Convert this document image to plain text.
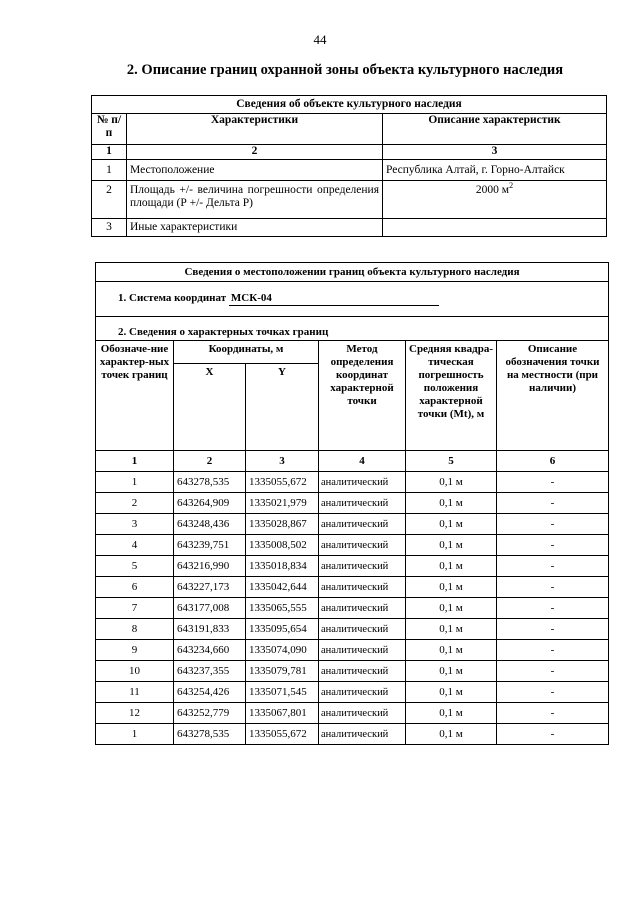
44
2. Описание границ охранной зоны объекта культурного наследия
Сведения об объекте культурного наследия		
№ п/п	Характеристики	Описание характеристик
1	2	3
1	Местоположение	Республика Алтай, г. Горно-Алтайск
2	Площадь +/- величина погрешности определения площади (Р +/- Дельта Р)	2000 $м^2$
3	Иные характеристики	
Сведения о местоположении границ объекта культурного наследия					
1. Система координат МСК-04					
2. Сведения о характерных точках границ					
Обозначе-ние характер-ных точек границ	Координаты, м		Метод определения координат характерной точки	Средняя квадра-тическая погрешность положения характерной точки (Мt), м	Описание обозначения точки на местности (при наличии)
	X	Y			
1	2	3	4	5	6
1	643278,535	1335055,672	аналитический	0,1 м	-
2	643264,909	1335021,979	аналитический	0,1 м	-
3	643248,436	1335028,867	аналитический	0,1 м	-
4	643239,751	1335008,502	аналитический	0,1 м	-
5	643216,990	1335018,834	аналитический	0,1 м	-
6	643227,173	1335042,644	аналитический	0,1 м	-
7	643177,008	1335065,555	аналитический	0,1 м	-
8	643191,833	1335095,654	аналитический	0,1 м	-
9	643234,660	1335074,090	аналитический	0,1 м	-
10	643237,355	1335079,781	аналитический	0,1 м	-
11	643254,426	1335071,545	аналитический	0,1 м	-
12	643252,779	1335067,801	аналитический	0,1 м	-
1	643278,535	1335055,672	аналитический	0,1 м	-
